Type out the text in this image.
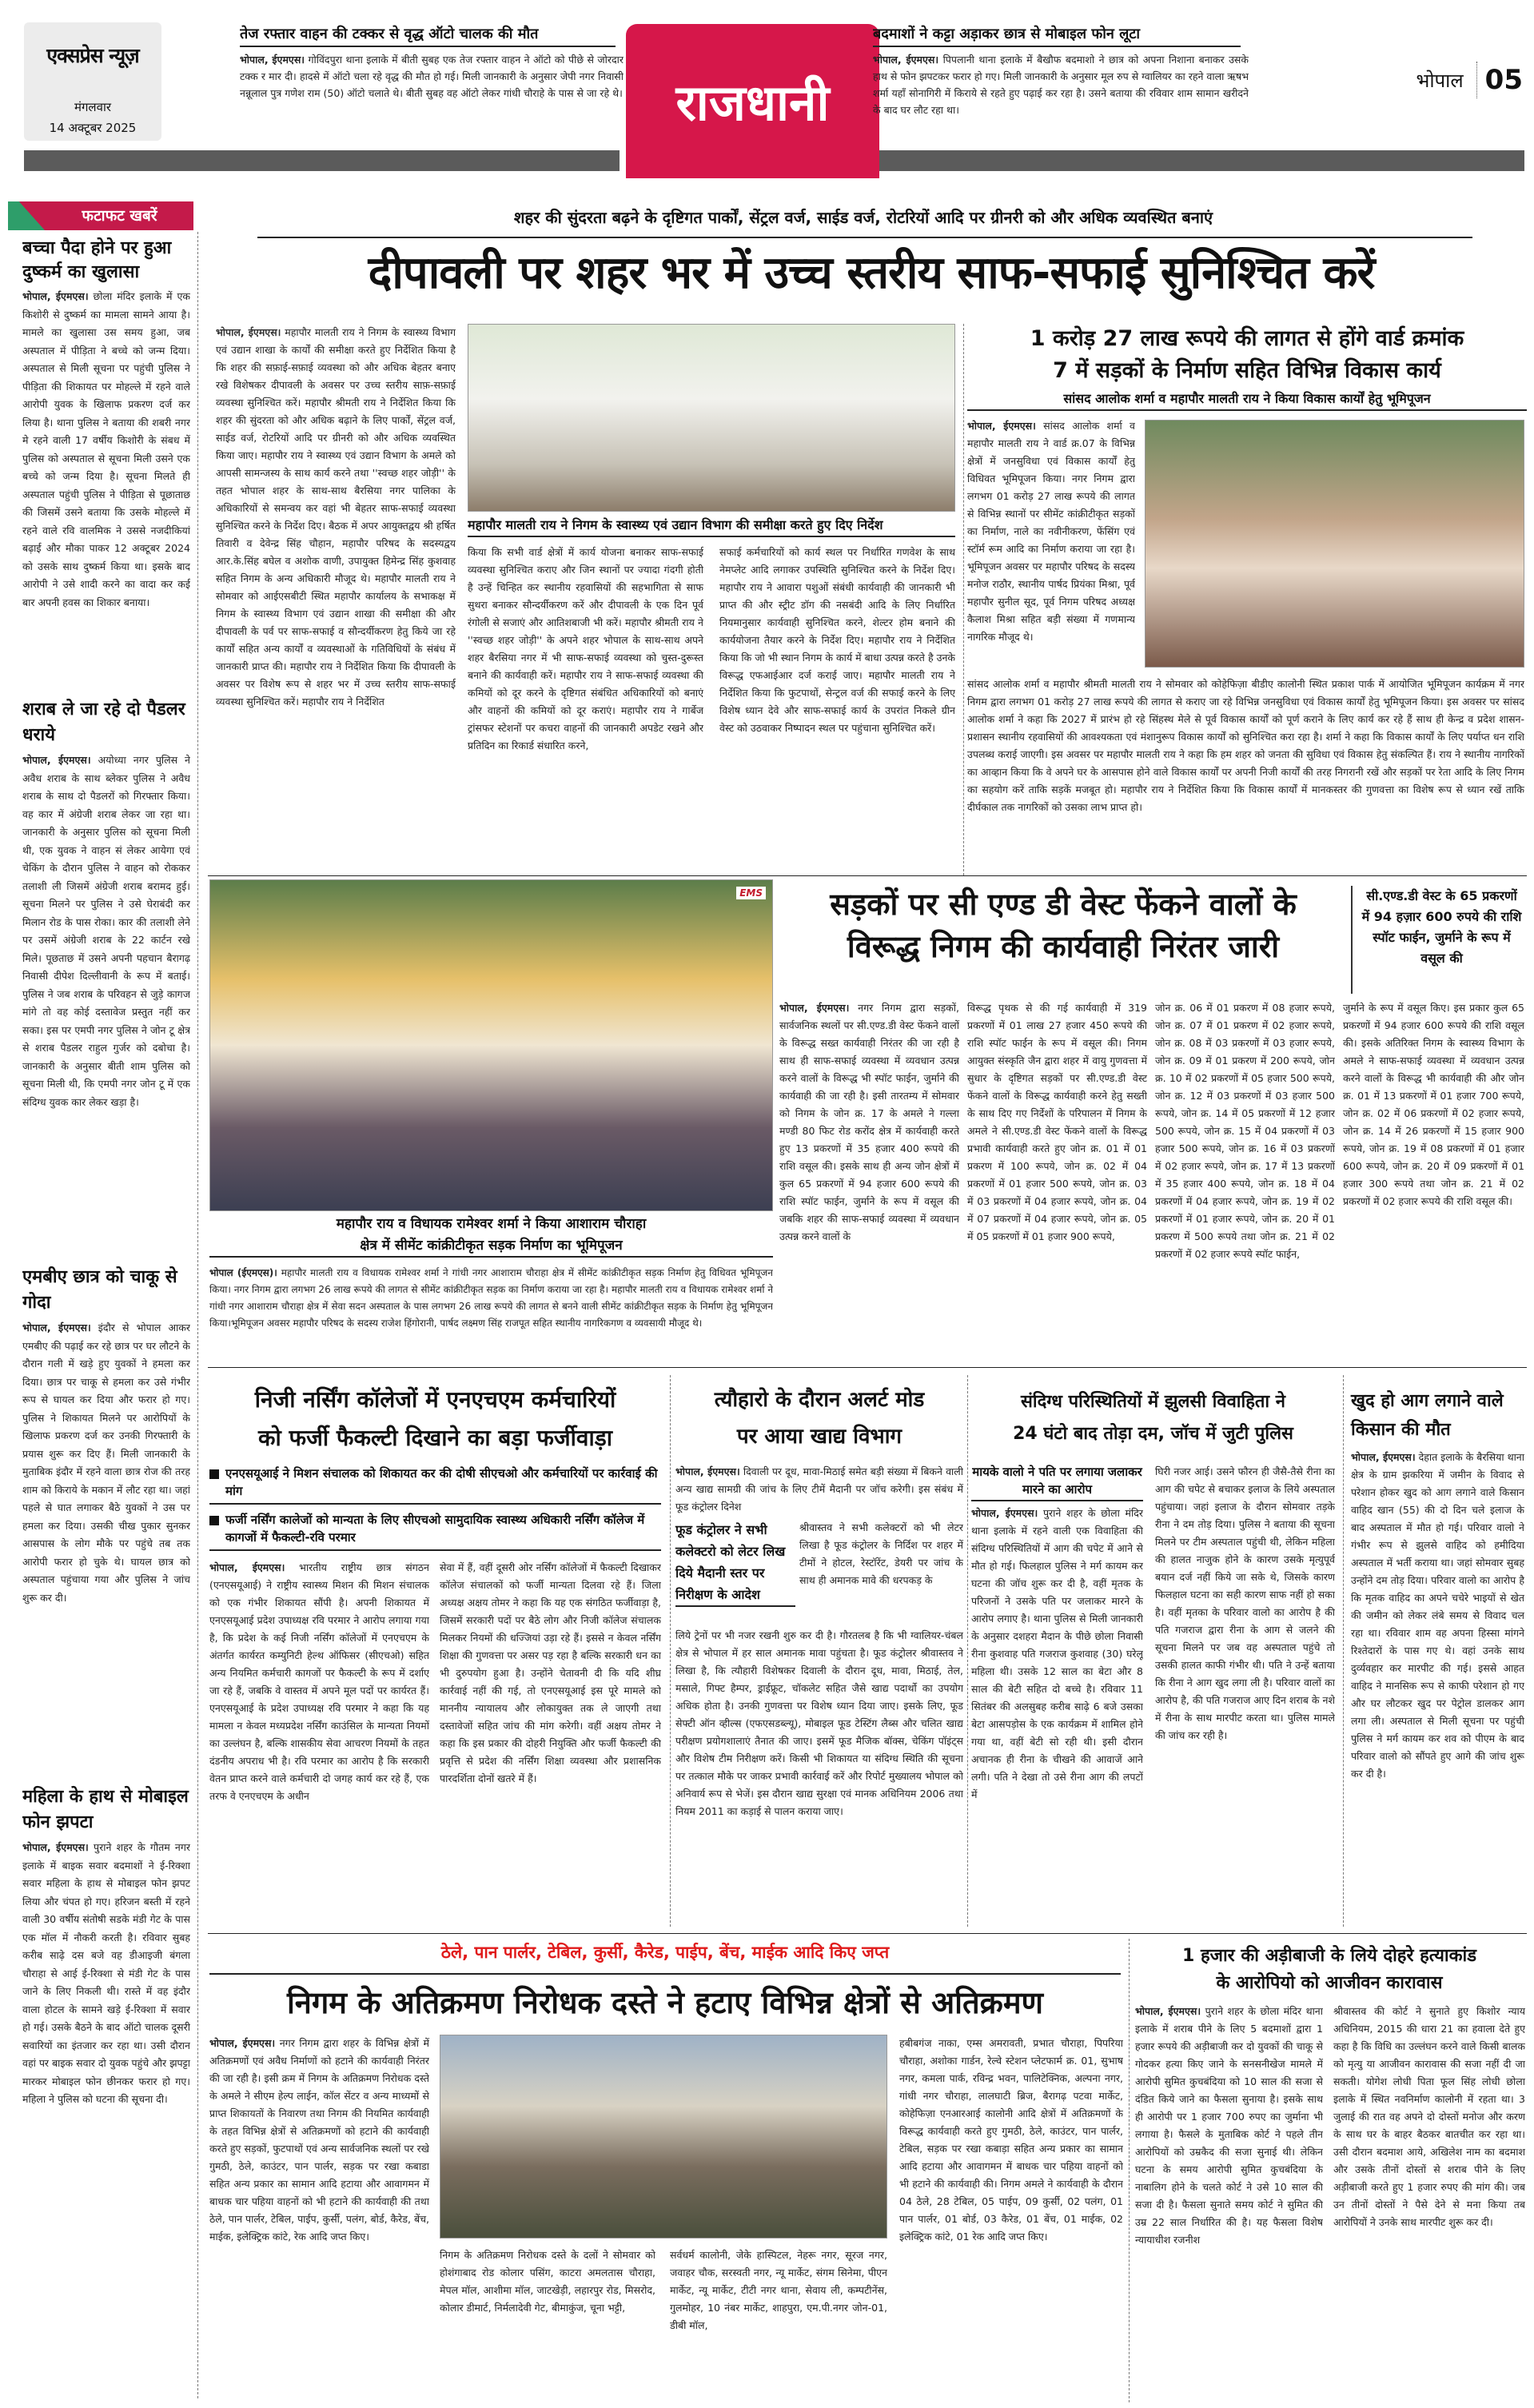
एक्सप्रेस न्यूज़
मंगलवार
14 अक्टूबर 2025
तेज रफ्तार वाहन की टक्कर से वृद्ध ऑटो चालक की मौत
भोपाल, ईएमएस। गोविंदपुरा थाना इलाके में बीती सुबह एक तेज रफ्तार वाहन ने ऑटो को पीछे से जोरदार टक्क र मार दी। हादसे में ऑटो चला रहे वृद्ध की मौत हो गई। मिली जानकारी के अनुसार जेपी नगर निवासी नन्नूलाल पुत्र गणेश राम (50) ऑटो चलाते थे। बीती सुबह वह ऑटो लेकर गांधी चौराहे के पास से जा रहे थे। राजधानी
बदमाशों ने कट्टा अड़ाकर छात्र से मोबाइल फोन लूटा
भोपाल, ईएमएस। पिपलानी थाना इलाके में बैखौफ बदमाशो ने छात्र को अपना निशाना बनाकर उसके हाथ से फोन झपटकर फरार हो गए। मिली जानकारी के अनुसार मूल रुप से ग्वालियर का रहने वाला ऋषभ शर्मा यहॉं सोनागिरी में किराये से रहते हुए पढ़ाई कर रहा है। उसने बताया की रविवार शाम सामान खरीदने के बाद घर लौट रहा था।
भोपाल 05
फटाफट खबरें
बच्चा पैदा होने पर हुआ दुष्कर्म का खुलासा
भोपाल, ईएमएस। छोला मंदिर इलाके में एक किशोरी से दुष्कर्म का मामला सामने आया है। मामले का खुलासा उस समय हुआ, जब अस्पताल में पीड़िता ने बच्चे को जन्म दिया। अस्पताल से मिली सूचना पर पहुंची पुलिस ने पीड़िता की शिकायत पर मोहल्ले में रहने वाले आरोपी युवक के खिलाफ प्रकरण दर्ज कर लिया है। थाना पुलिस ने बताया की शबरी नगर मे रहने वाली 17 वर्षीय किशोरी के संबध में पुलिस को अस्पताल से सूचना मिली उसने एक बच्चे को जन्म दिया है। सूचना मिलते ही अस्पताल पहुंची पुलिस ने पीड़िता से पूछाताछ की जिसमें उसने बताया कि उसके मोहल्ले में रहने वाले रवि वालमिक ने उससे नजदीकियां बढ़ाई और मौका पाकर 12 अक्टूबर 2024 को उसके साथ दुष्कर्म किया था। इसके बाद आरोपी ने उसे शादी करने का वादा कर कई बार अपनी हवस का शिकार बनाया।
शराब ले जा रहे दो पैडलर धराये
भोपाल, ईएमएस। अयोध्या नगर पुलिस ने अवैध शराब के साथ ब्लेकर पुलिस ने अवैध शराब के साथ दो पैडलरों को गिरफ्तार किया। वह कार में अंग्रेजी शराब लेकर जा रहा था। जानकारी के अनुसार पुलिस को सूचना मिली थी, एक युवक ने वाहन सं लेकर आयेगा एवं चेकिंग के दौरान पुलिस ने वाहन को रोककर तलाशी ली जिसमें अंग्रेजी शराब बरामद हुई। सूचना मिलने पर पुलिस ने उसे घेराबंदी कर मिलान रोड के पास रोका। कार की तलाशी लेने पर उसमें अंग्रेजी शराब के 22 कार्टन रखे मिले। पूछताछ में उसने अपनी पहचान बैरागढ़ निवासी दीपेश दिल्लीवानी के रूप में बताई। पुलिस ने जब शराब के परिवहन से जुड़े कागज मांगे तो वह कोई दस्तावेज प्रस्तुत नहीं कर सका। इस पर एमपी नगर पुलिस ने जोन टू क्षेत्र से शराब पैडलर राहुल गुर्जर को दबोचा है। जानकारी के अनुसार बीती शाम पुलिस को सूचना मिली थी, कि एमपी नगर जोन टू में एक संदिग्ध युवक कार लेकर खड़ा है।
एमबीए छात्र को चाकू से गोदा
भोपाल, ईएमएस। इंदौर से भोपाल आकर एमबीए की पढ़ाई कर रहे छात्र पर घर लौटने के दौरान गली में खड़े हुए युवकों ने हमला कर दिया। छात्र पर चाकू से हमला कर उसे गंभीर रूप से घायल कर दिया और फरार हो गए। पुलिस ने शिकायत मिलने पर आरोपियों के खिलाफ प्रकरण दर्ज कर उनकी गिरफ्तारी के प्रयास शुरू कर दिए हैं। मिली जानकारी के मुताबिक इंदौर में रहने वाला छात्र रोज की तरह शाम को किराये के मकान में लौट रहा था। जहां पहले से घात लगाकर बैठे युवकों ने उस पर हमला कर दिया। उसकी चीख पुकार सुनकर आसपास के लोग मौके पर पहुंचे तब तक आरोपी फरार हो चुके थे। घायल छात्र को अस्पताल पहुंचाया गया और पुलिस ने जांच शुरू कर दी।
महिला के हाथ से मोबाइल फोन झपटा
भोपाल, ईएमएस। पुराने शहर के गौतम नगर इलाके में बाइक सवार बदमाशों ने ई-रिक्शा सवार महिला के हाथ से मोबाइल फोन झपट लिया और चंपत हो गए। हरिजन बस्ती में रहने वाली 30 वर्षीय संतोषी सडके मंडी गेट के पास एक मॉल में नौकरी करती है। रविवार सुबह करीब साढ़े दस बजे वह डीआइजी बंगला चौराहा से आई ई-रिक्शा से मंडी गेट के पास जाने के लिए निकली थी। रास्ते में वह इंदौर वाला होटल के सामने खड़े ई-रिक्शा में सवार हो गई। उसके बैठने के बाद ऑटो चालक दूसरी सवारियों का इंतजार कर रहा था। उसी दौरान वहां पर बाइक सवार दो युवक पहुंचे और झपट्टा मारकर मोबाइल फोन छीनकर फरार हो गए। महिला ने पुलिस को घटना की सूचना दी।
शहर की सुंदरता बढ़ने के दृष्टिगत पार्कों, सेंट्रल वर्ज, साईड वर्ज, रोटरियों आदि पर ग्रीनरी को और अधिक व्यवस्थित बनाएं
दीपावली पर शहर भर में उच्च स्तरीय साफ-सफाई सुनिश्चित करें
भोपाल, ईएमएस। महापौर मालती राय ने निगम के स्वास्थ्य विभाग एवं उद्यान शाखा के कार्यों की समीक्षा करते हुए निर्देशित किया है कि शहर की सफ़ाई-सफ़ाई व्यवस्था को और अधिक बेहतर बनाए रखे विशेषकर दीपावली के अवसर पर उच्च स्तरीय साफ़-सफ़ाई व्यवस्था सुनिश्चित करें। महापौर श्रीमती राय ने निर्देशित किया कि शहर की सुंदरता को और अधिक बढ़ाने के लिए पार्कों, सेंट्रल वर्ज, साईड वर्ज, रोटरियों आदि पर ग्रीनरी को और अधिक व्यवस्थित किया जाए। महापौर राय ने स्वास्थ्य एवं उद्यान विभाग के अमले को आपसी सामन्जस्य के साथ कार्य करने तथा ''स्वच्छ शहर जोड़ी'' के तहत भोपाल शहर के साथ-साथ बैरसिया नगर पालिका के अधिकारियों से समन्वय कर वहां भी बेहतर साफ-सफाई व्यवस्था सुनिश्चित करने के निर्देश दिए। बैठक में अपर आयुक्तद्वय श्री हर्षित तिवारी व देवेन्द्र सिंह चौहान, महापौर परिषद के सदस्यद्वय आर.के.सिंह बघेल व अशोक वाणी, उपायुक्त हिमेन्द्र सिंह कुशवाह सहित निगम के अन्य अधिकारी मौजूद थे। महापौर मालती राय ने सोमवार को आईएसबीटी स्थित महापौर कार्यालय के सभाकक्ष में निगम के स्वास्थ्य विभाग एवं उद्यान शाखा की समीक्षा की और दीपावली के पर्व पर साफ-सफाई व सौन्दर्यीकरण हेतु किये जा रहे कार्यों सहित अन्य कार्यों व व्यवस्थाओं के गतिविधियों के संबंध में जानकारी प्राप्त की। महापौर राय ने निर्देशित किया कि दीपावली के अवसर पर विशेष रूप से शहर भर में उच्च स्तरीय साफ-सफाई व्यवस्था सुनिश्चित करें। महापौर राय ने निर्देशित
महापौर मालती राय ने निगम के स्वास्थ्य एवं उद्यान विभाग की समीक्षा करते हुए दिए निर्देश
किया कि सभी वार्ड क्षेत्रों में कार्य योजना बनाकर साफ-सफाई व्यवस्था सुनिश्चित कराए और जिन स्थानों पर ज्यादा गंदगी होती है उन्हें चिन्हित कर स्थानीय रहवासियों की सहभागिता से साफ सुथरा बनाकर सौन्दर्यीकरण करें और दीपावली के एक दिन पूर्व रंगोली से सजाएं और आतिशबाजी भी करें। महापौर श्रीमती राय ने ''स्वच्छ शहर जोड़ी'' के अपने शहर भोपाल के साथ-साथ अपने शहर बैरसिया नगर में भी साफ-सफाई व्यवस्था को चुस्त-दुरूस्त बनाने की कार्यवाही करें। महापौर राय ने साफ-सफाई व्यवस्था की कमियों को दूर करने के दृष्टिगत संबंधित अधिकारियों को बनाएं और वाहनों की कमियों को दूर कराएं। महापौर राय ने गार्बेज ट्रांसफर स्टेशनों पर कचरा वाहनों की जानकारी अपडेट रखने और प्रतिदिन का रिकार्ड संधारित करने,
सफाई कर्मचारियों को कार्य स्थल पर निर्धारित गणवेश के साथ नेमप्लेट आदि लगाकर उपस्थिति सुनिश्चित करने के निर्देश दिए। महापौर राय ने आवारा पशुओं संबंधी कार्यवाही की जानकारी भी प्राप्त की और स्ट्रीट डॉग की नसबंदी आदि के लिए निर्धारित नियमानुसार कार्यवाही सुनिश्चित करने, शेल्टर होम बनाने की कार्ययोजना तैयार करने के निर्देश दिए। महापौर राय ने निर्देशित किया कि जो भी स्थान निगम के कार्य में बाधा उत्पन्न करते है उनके विरूद्ध एफआईआर दर्ज कराई जाए। महापौर मालती राय ने निर्देशित किया कि फुटपाथों, सेन्ट्रल वर्ज की सफाई करने के लिए विशेष ध्यान देवे और साफ-सफाई कार्य के उपरांत निकले ग्रीन वेस्ट को उठवाकर निष्पादन स्थल पर पहुंचाना सुनिश्चित करें।
1 करोड़ 27 लाख रूपये की लागत से होंगे वार्ड क्रमांक
7 में सड़कों के निर्माण सहित विभिन्न विकास कार्य
सांसद आलोक शर्मा व महापौर मालती राय ने किया विकास कार्यों हेतु भूमिपूजन
भोपाल, ईएमएस। सांसद आलोक शर्मा व महापौर मालती राय ने वार्ड क्र.07 के विभिन्न क्षेत्रों में जनसुविधा एवं विकास कार्यों हेतु विधिवत भूमिपूजन किया। नगर निगम द्वारा लगभग 01 करोड़ 27 लाख रूपये की लागत से विभिन्न स्थानों पर सीमेंट कांक्रीटीकृत सड़कों का निर्माण, नाले का नवीनीकरण, फेंसिंग एवं स्टॉर्म रूम आदि का निर्माण कराया जा रहा है। भूमिपूजन अवसर पर महापौर परिषद के सदस्य मनोज राठौर, स्थानीय पार्षद प्रियंका मिश्रा, पूर्व महापौर सुनील सूद, पूर्व निगम परिषद अध्यक्ष कैलाश मिश्रा सहित बड़ी संख्या में गणमान्य नागरिक मौजूद थे।
सांसद आलोक शर्मा व महापौर श्रीमती मालती राय ने सोमवार को कोहेफिज़ा बीडीए कालोनी स्थित प्रकाश पार्क में आयोजित भूमिपूजन कार्यक्रम में नगर निगम द्वारा लगभग 01 करोड़ 27 लाख रूपये की लागत से कराए जा रहे विभिन्न जनसुविधा एवं विकास कार्यों हेतु भूमिपूजन किया। इस अवसर पर सांसद आलोक शर्मा ने कहा कि 2027 में प्रारंभ हो रहे सिंहस्थ मेले से पूर्व विकास कार्यों को पूर्ण कराने के लिए कार्य कर रहे हैं साथ ही केन्द्र व प्रदेश शासन-प्रशासन स्थानीय रहवासियों की आवश्यकता एवं मंशानुरूप विकास कार्यों को सुनिश्चित करा रहा है। शर्मा ने कहा कि विकास कार्यों के लिए पर्याप्त धन राशि उपलब्ध कराई जाएगी। इस अवसर पर महापौर मालती राय ने कहा कि हम शहर को जनता की सुविधा एवं विकास हेतु संकल्पित हैं। राय ने स्थानीय नागरिकों का आव्हान किया कि वे अपने घर के आसपास होने वाले विकास कार्यों पर अपनी निजी कार्यों की तरह निगरानी रखें और सड़कों पर रेता आदि के लिए निगम का सहयोग करें ताकि सड़कें मजबूत हो। महापौर राय ने निर्देशित किया कि विकास कार्यों में मानकस्तर की गुणवत्ता का विशेष रूप से ध्यान रखें ताकि दीर्घकाल तक नागरिकों को उसका लाभ प्राप्त हो।
EMS
महापौर राय व विधायक रामेश्वर शर्मा ने किया आशाराम चौराहा
क्षेत्र में सीमेंट कांक्रीटीकृत सड़क निर्माण का भूमिपूजन
भोपाल (ईएमएस)। महापौर मालती राय व विधायक रामेश्वर शर्मा ने गांधी नगर आशाराम चौराहा क्षेत्र में सीमेंट कांक्रीटीकृत सड़क निर्माण हेतु विधिवत भूमिपूजन किया। नगर निगम द्वारा लगभग 26 लाख रूपये की लागत से सीमेंट कांक्रीटीकृत सड़क का निर्माण कराया जा रहा है। महापौर मालती राय व विधायक रामेश्वर शर्मा ने गांधी नगर आशाराम चौराहा क्षेत्र में सेवा सदन अस्पताल के पास लगभग 26 लाख रूपये की लागत से बनने वाली सीमेंट कांक्रीटीकृत सड़क के निर्माण हेतु भूमिपूजन किया।भूमिपूजन अवसर महापौर परिषद के सदस्य राजेश हिंगोरानी, पार्षद लक्ष्मण सिंह राजपूत सहित स्थानीय नागरिकगण व व्यवसायी मौजूद थे।
सड़कों पर सी एण्ड डी वेस्ट फेंकने वालों के
विरूद्ध निगम की कार्यवाही निरंतर जारी
सी.एण्ड.डी वेस्ट के 65 प्रकरणों में 94 हज़ार 600 रुपये की राशि स्पॉट फाईन, जुर्माने के रूप में वसूल की
भोपाल, ईएमएस। नगर निगम द्वारा सड़कों, सार्वजनिक स्थलों पर सी.एण्ड.डी वेस्ट फेंकने वालों के विरूद्ध सख्त कार्यवाही निरंतर की जा रही है साथ ही साफ-सफाई व्यवस्था में व्यवधान उत्पन्न करने वालों के विरूद्ध भी स्पॉट फाईन, जुर्माने की कार्यवाही की जा रही है। इसी तारतम्य में सोमवार को निगम के जोन क्र. 17 के अमले ने गल्ला मण्डी 80 फिट रोड करोंद क्षेत्र में कार्यवाही करते हुए 13 प्रकरणों में 35 हजार 400 रूपये की राशि वसूल की। इसके साथ ही अन्य जोन क्षेत्रों में कुल 65 प्रकरणों में 94 हजार 600 रूपये की राशि स्पॉट फाईन, जुर्माने के रूप में वसूल की जबकि शहर की साफ-सफाई व्यवस्था में व्यवधान उत्पन्न करने वालों के
विरूद्ध पृथक से की गई कार्यवाही में 319 प्रकरणों में 01 लाख 27 हजार 450 रूपये की राशि स्पॉट फाईन के रूप में वसूल की। निगम आयुक्त संस्कृति जैन द्वारा शहर में वायु गुणवत्ता में सुधार के दृष्टिगत सड़कों पर सी.एण्ड.डी वेस्ट फेंकने वालों के विरूद्ध कार्यवाही करने हेतु सख्ती के साथ दिए गए निर्देशों के परिपालन में निगम के अमले ने सी.एण्ड.डी वेस्ट फेंकने वालों के विरूद्ध प्रभावी कार्यवाही करते हुए जोन क्र. 01 में 01 प्रकरण में 100 रूपये, जोन क्र. 02 में 04 प्रकरणों में 01 हजार 500 रूपये, जोन क्र. 03 में 03 प्रकरणों में 04 हजार रूपये, जोन क्र. 04 में 07 प्रकरणों में 04 हजार रूपये, जोन क्र. 05 में 05 प्रकरणों में 01 हजार 900 रूपये,
जोन क्र. 06 में 01 प्रकरण में 08 हजार रूपये, जोन क्र. 07 में 01 प्रकरण में 02 हजार रूपये, जोन क्र. 08 में 03 प्रकरणों में 03 हजार रूपये, जोन क्र. 09 में 01 प्रकरण में 200 रूपये, जोन क्र. 10 में 02 प्रकरणों में 05 हजार 500 रूपये, जोन क्र. 12 में 03 प्रकरणों में 03 हजार 500 रूपये, जोन क्र. 14 में 05 प्रकरणों में 12 हजार 500 रूपये, जोन क्र. 15 में 04 प्रकरणों में 03 हजार 500 रूपये, जोन क्र. 16 में 03 प्रकरणों में 02 हजार रूपये, जोन क्र. 17 में 13 प्रकरणों में 35 हजार 400 रूपये, जोन क्र. 18 में 04 प्रकरणों में 04 हजार रूपये, जोन क्र. 19 में 02 प्रकरणों में 01 हजार रूपये, जोन क्र. 20 में 01 प्रकरण में 500 रूपये तथा जोन क्र. 21 में 02 प्रकरणों में 02 हजार रूपये स्पॉट फाईन,
जुर्माने के रूप में वसूल किए। इस प्रकार कुल 65 प्रकरणों में 94 हजार 600 रूपये की राशि वसूल की। इसके अतिरिक्त निगम के स्वास्थ्य विभाग के अमले ने साफ-सफाई व्यवस्था में व्यवधान उत्पन्न करने वालों के विरूद्ध भी कार्यवाही की और जोन क्र. 01 में 13 प्रकरणों में 01 हजार 700 रूपये, जोन क्र. 02 में 06 प्रकरणों में 02 हजार रूपये, जोन क्र. 14 में 26 प्रकरणों में 15 हजार 900 रूपये, जोन क्र. 19 में 08 प्रकरणों में 01 हजार 600 रूपये, जोन क्र. 20 में 09 प्रकरणों में 01 हजार 300 रूपये तथा जोन क्र. 21 में 02 प्रकरणों में 02 हजार रूपये की राशि वसूल की।
निजी नर्सिंग कॉलेजों में एनएचएम कर्मचारियों
को फर्जी फैकल्टी दिखाने का बड़ा फर्जीवाड़ा
एनएसयूआई ने मिशन संचालक को शिकायत कर की दोषी सीएचओ और कर्मचारियों पर कार्रवाई की मांग
फर्जी नर्सिंग कालेजों को मान्यता के लिए सीएचओ सामुदायिक स्वास्थ्य अधिकारी नर्सिंग कॉलेज में कागजों में फैकल्टी-रवि परमार
भोपाल, ईएमएस। भारतीय राष्ट्रीय छात्र संगठन (एनएसयूआई) ने राष्ट्रीय स्वास्थ्य मिशन की मिशन संचालक को एक गंभीर शिकायत सौंपी है। अपनी शिकायत में एनएसयूआई प्रदेश उपाध्यक्ष रवि परमार ने आरोप लगाया गया है, कि प्रदेश के कई निजी नर्सिंग कॉलेजों में एनएचएम के अंतर्गत कार्यरत कम्युनिटी हेल्थ ऑफिसर (सीएचओ) सहित अन्य नियमित कर्मचारी कागजों पर फैकल्टी के रूप में दर्शाए जा रहे हैं, जबकि वे वास्तव में अपने मूल पदों पर कार्यरत हैं। एनएसयूआई के प्रदेश उपाध्यक्ष रवि परमार ने कहा कि यह मामला न केवल मध्यप्रदेश नर्सिंग काउंसिल के मान्यता नियमों का उल्लंघन है, बल्कि शासकीय सेवा आचरण नियमों के तहत दंडनीय अपराध भी है। रवि परमार का आरोप है कि सरकारी वेतन प्राप्त करने वाले कर्मचारी दो जगह कार्य कर रहे हैं, एक तरफ वे एनएचएम के अधीन
सेवा में हैं, वहीं दूसरी ओर नर्सिंग कॉलेजों में फैकल्टी दिखाकर कॉलेज संचालकों को फर्जी मान्यता दिलवा रहे हैं। जिला अध्यक्ष अक्षय तोमर ने कहा कि यह एक संगठित फर्जीवाड़ा है, जिसमें सरकारी पदों पर बैठे लोग और निजी कॉलेज संचालक मिलकर नियमों की धज्जियां उड़ा रहे हैं। इससे न केवल नर्सिंग शिक्षा की गुणवत्ता पर असर पड़ रहा है बल्कि सरकारी धन का भी दुरुपयोग हुआ है। उन्होंने चेतावनी दी कि यदि शीघ्र कार्रवाई नहीं की गई, तो एनएसयूआई इस पूरे मामले को माननीय न्यायालय और लोकायुक्त तक ले जाएगी तथा दस्तावेजों सहित जांच की मांग करेगी। वहीं अक्षय तोमर ने कहा कि इस प्रकार की दोहरी नियुक्ति और फर्जी फैकल्टी की प्रवृत्ति से प्रदेश की नर्सिंग शिक्षा व्यवस्था और प्रशासनिक पारदर्शिता दोनों खतरे में हैं।
त्यौहारो के दौरान अलर्ट मोड
पर आया खाद्य विभाग
भोपाल, ईएमएस। दिवाली पर दूध, मावा-मिठाई समेत बड़ी संख्या में बिकने वाली अन्य खाद्य सामग्री की जांच के लिए टीमें मैदानी पर जॉच करेगी। इस संबंध में फूड कंट्रोलर दिनेश
फूड कंट्रोलर ने सभी कलेक्टरो को लेटर लिख दिये मैदानी स्तर पर निरीक्षण के आदेश
श्रीवास्तव ने सभी कलेक्टरों को भी लेटर लिखा है फूड कंट्रोलर के निर्दिश पर शहर में टीमों ने होटल, रेस्टॉरेंट, डेयरी पर जांच के साथ ही अमानक मावे की धरपकड़ के
लिये ट्रेनों पर भी नजर रखनी शुरु कर दी है। गौरतलब है कि भी ग्वालियर-चंबल क्षेत्र से भोपाल में हर साल अमानक मावा पहुंचता है। फूड कंट्रोलर श्रीवास्तव ने लिखा है, कि त्यौहारी विशेषकर दिवाली के दौरान दूध, मावा, मिठाई, तेल, मसाले, गिफ्ट हैम्पर, ड्राईफ्रूट, चॉकलेट सहित जैसे खाद्य पदार्थो का उपयोग अधिक होता है। उनकी गुणवत्ता पर विशेष ध्यान दिया जाए। इसके लिए, फूड सेफ्टी ऑन व्हील्स (एफएसडब्ल्यू), मोबाइल फूड टेस्टिंग लैब्स और चलित खाद्य परीक्षण प्रयोगशालाएं तैनात की जाए। इसमें फूड मैजिक बॉक्स, चेकिंग पॉइंट्स और विशेष टीम निरीक्षण करें। किसी भी शिकायत या संदिग्ध स्थिति की सूचना पर तत्काल मौके पर जाकर प्रभावी कार्रवाई करें और रिपोर्ट मुख्यालय भोपाल को अनिवार्य रूप से भेजें। इस दौरान खाद्य सुरक्षा एवं मानक अधिनियम 2006 तथा नियम 2011 का कड़ाई से पालन कराया जाए।
संदिग्ध परिस्थितियों में झुलसी विवाहिता ने
24 घंटो बाद तोड़ा दम, जॉच में जुटी पुलिस
मायके वालो ने पति पर लगाया जलाकर मारने का आरोप
भोपाल, ईएमएस। पुराने शहर के छोला मंदिर थाना इलाके में रहने वाली एक विवाहिता की संदिग्ध परिस्थितियों में आग की चपेट में आने से मौत हो गई। फिलहाल पुलिस ने मर्ग कायम कर घटना की जॉच शुरू कर दी है, वहीं मृतक के परिजनों ने उसके पति पर जलाकर मारने के आरोप लगाए है। थाना पुलिस से मिली जानकारी के अनुसार दशहरा मैदान के पीछे छोला निवासी रीना कुशवाह पति गजराज कुशवाह (30) घरेलू महिला थी। उसके 12 साल का बेटा और 8 साल की बेटी सहित दो बच्चे है। रविवार 11 सितंबर की अलसुबह करीब साढ़े 6 बजे उसका बेटा आसपड़ोस के एक कार्यक्रम में शामिल होने गया था, वहीं बेटी सो रही थी। इसी दौरान अचानक ही रीना के चीखने की आवाजें आने लगी। पति ने देखा तो उसे रीना आग की लपटों में
घिरी नजर आई। उसने फौरन ही जैसै-तैसे रीना का आग की चपेट से बचाकर इलाज के लिये अस्पताल पहुंचाया। जहां इलाज के दौरान सोमवार तड़के रीना ने दम तोड़ दिया। पुलिस ने बताया की सूचना मिलने पर टीम अस्पताल पहुंची थी, लेकिन महिला की हालत नाजुक होने के कारण उसके मृत्युपूर्व बयान दर्ज नहीं किये जा सके थे, जिसके कारण फिलहाल घटना का सही कारण साफ नहीं हो सका है। वहीं मृतका के परिवार वालो का आरोप है की पति गजराज द्वारा रीना के आग से जलने की सूचना मिलने पर जब वह अस्पताल पहुंचे तो उसकी हालत काफी गंभीर थी। पति ने उन्हें बताया कि रीना ने आग खुद लगा ली है। परिवार वालों का आरोप है, की पति गजराज आए दिन शराब के नशे में रीना के साथ मारपीट करता था। पुलिस मामले की जांच कर रही है।
खुद हो आग लगाने वाले किसान की मौत
भोपाल, ईएमएस। देहात इलाके के बैरसिया थाना क्षेत्र के ग्राम झकरिया में जमीन के विवाद से परेशान होकर खुद को आग लगाने वाले किसान वाहिद खान (55) की दो दिन चले इलाज के बाद अस्पताल में मौत हो गई। परिवार वालो ने गंभीर रूप से झुलसे वाहिद को हमीदिया अस्पताल में भर्ती कराया था। जहां सोमवार सुबह उन्होंने दम तोड़ दिया। परिवार वालो का आरोप है कि मृतक वाहिद का अपने चचेरे भाइयों से खेत की जमीन को लेकर लंबे समय से विवाद चल रहा था। रविवार शाम वह अपना हिस्सा मांगने रिश्तेदारों के पास गए थे। वहां उनके साथ दुर्व्यवहार कर मारपीट की गई। इससे आहत वाहिद ने मानसिक रूप से काफी परेशान हो गए और घर लौटकर खुद पर पेट्रोल डालकर आग लगा ली। अस्पताल से मिली सूचना पर पहुंची पुलिस ने मर्ग कायम कर शव को पीएम के बाद परिवार वालो को सौंपते हुए आगे की जांच शुरू कर दी है।
ठेले, पान पार्लर, टेबिल, कुर्सी, कैरेड, पाईप, बेंच, माईक आदि किए जप्त
निगम के अतिक्रमण निरोधक दस्ते ने हटाए विभिन्न क्षेत्रों से अतिक्रमण
भोपाल, ईएमएस। नगर निगम द्वारा शहर के विभिन्न क्षेत्रों में अतिक्रमणों एवं अवैध निर्माणों को हटाने की कार्यवाही निरंतर की जा रही है। इसी क्रम में निगम के अतिक्रमण निरोधक दस्ते के अमले ने सीएम हेल्प लाईन, कॉल सेंटर व अन्य माध्यमों से प्राप्त शिकायतों के निवारण तथा निगम की नियमित कार्यवाही के तहत विभिन्न क्षेत्रों से अतिक्रमणों को हटाने की कार्यवाही करते हुए सड़कों, फुटपाथों एवं अन्य सार्वजनिक स्थलों पर रखे गुमठी, ठेले, काउंटर, पान पार्लर, सड़क पर रखा कबाडा सहित अन्य प्रकार का सामान आदि हटाया और आवागमन में बाधक चार पहिया वाहनों को भी हटाने की कार्यवाही की तथा ठेले, पान पार्लर, टेबिल, पाईप, कुर्सी, पलंग, बोर्ड, कैरेड, बेंच, माईक, इलेक्ट्रिक कांटे, रेक आदि जप्त किए।
निगम के अतिक्रमण निरोधक दस्ते के दलों ने सोमवार को होशंगाबाद रोड कोलार पसिंग, काटरा अमलतास चौराहा, मेपल मॉल, आशीमा मॉल, जाटखेड़ी, लहारपुर रोड, मिसरोद, कोलार डीमार्ट, निर्मलादेवी गेट, बीमाकुंज, चूना भट्टी,
सर्वधर्म कालोनी, जेके हास्पिटल, नेहरू नगर, सूरज नगर, जवाहर चौक, सरस्वती नगर, न्यू मार्केट, संगम सिनेमा, पीएन मार्केट, न्यू मार्केट, टीटी नगर थाना, सेवाय ली, कम्पटीनेंस, गुलमोहर, 10 नंबर मार्केट, शाहपुरा, एम.पी.नगर जोन-01, डीबी मॉल,
हबीबगंज नाका, एम्स अमरावती, प्रभात चौराहा, पिपरिया चौराहा, अशोका गार्डन, रेल्वे स्टेशन प्लेटफार्म क्र. 01, सुभाष नगर, कमला पार्क, रविन्द्र भवन, पालिटेक्निक, अल्पना नगर, गांधी नगर चौराहा, लालघाटी ब्रिज, बैरागढ़ पटवा मार्केट, कोहेफिज़ा एनआरआई कालोनी आदि क्षेत्रों में अतिक्रमणों के विरूद्ध कार्यवाही करते हुए गुमठी, ठेले, काउंटर, पान पार्लर, टेबिल, सड़क पर रखा कबाड़ा सहित अन्य प्रकार का सामान आदि हटाया और आवागमन में बाधक चार पहिया वाहनों को भी हटाने की कार्यवाही की। निगम अमले ने कार्यवाही के दौरान 04 ठेले, 28 टेबिल, 05 पाईप, 09 कुर्सी, 02 पलंग, 01 पान पार्लर, 01 बोर्ड, 03 कैरेड, 01 बेंच, 01 माईक, 02 इलेक्ट्रिक कांटे, 01 रेक आदि जप्त किए।
1 हजार की अड़ीबाजी के लिये दोहरे हत्याकांड
के आरोपियो को आजीवन कारावास
भोपाल, ईएमएस। पुराने शहर के छोला मंदिर थाना इलाके में शराब पीने के लिए 5 बदमाशों द्वारा 1 हजार रूपये की अड़ीबाजी कर दो युवकों की चाकू से गोदकर हत्या किए जाने के सनसनीखेज मामले में आरोपी सुमित कुचबंदिया को 10 साल की सजा से दंडित किये जाने का फैसला सुनाया है। इसके साथ ही आरोपी पर 1 हजार 700 रुपए का जुर्माना भी लगाया है। फैसले के मुताबिक कोर्ट ने पहले तीन आरोपियों को उम्रकैद की सजा सुनाई थी। लेकिन घटना के समय आरोपी सुमित कुचबंदिया के नाबालिग होने के चलते कोर्ट ने उसे 10 साल की सजा दी है। फैसला सुनाते समय कोर्ट ने सुमित की उम्र 22 साल निर्धारित की है। यह फैसला विशेष न्यायाधीश रजनीश
श्रीवास्तव की कोर्ट ने सुनाते हुए किशोर न्याय अधिनियम, 2015 की धारा 21 का हवाला देते हुए कहा है कि विधि का उल्लंघन करने वाले किसी बालक को मृत्यु या आजीवन कारावास की सजा नहीं दी जा सकती। योगेश लोधी पिता फूल सिंह लोधी छोला इलाके में स्थित नवनिर्माण कालोनी में रहता था। 3 जुलाई की रात वह अपने दो दोस्तों मनोज और करण के साथ घर के बाहर बैठकर बातचीत कर रहा था। उसी दौरान बदमाश आये, अखिलेश नाम का बदमाश और उसके तीनों दोस्तों से शराब पीने के लिए अड़ीबाजी करते हुए 1 हजार रुपए की मांग की। जब उन तीनों दोस्तों ने पैसे देने से मना किया तब आरोपियों ने उनके साथ मारपीट शुरू कर दी।
